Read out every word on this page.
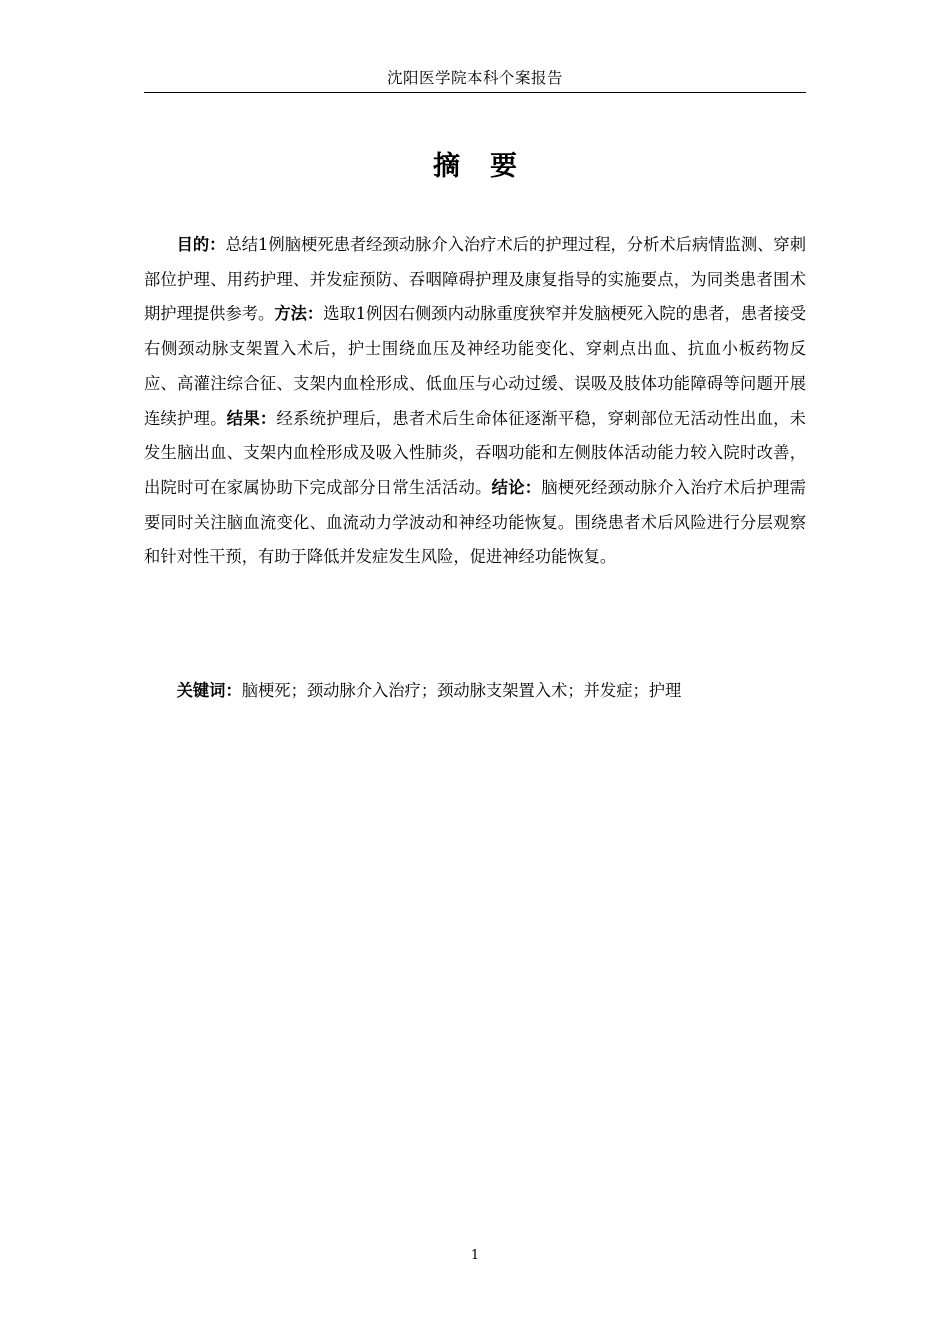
沈阳医学院本科个案报告
摘 要

目的：总结1例脑梗死患者经颈动脉介入治疗术后的护理过程，分析术后病情监测、穿刺部位护理、用药护理、并发症预防、吞咽障碍护理及康复指导的实施要点，为同类患者围术期护理提供参考。方法：选取1例因右侧颈内动脉重度狭窄并发脑梗死入院的患者，患者接受右侧颈动脉支架置入术后，护士围绕血压及神经功能变化、穿刺点出血、抗血小板药物反应、高灌注综合征、支架内血栓形成、低血压与心动过缓、误吸及肢体功能障碍等问题开展连续护理。结果：经系统护理后，患者术后生命体征逐渐平稳，穿刺部位无活动性出血，未发生脑出血、支架内血栓形成及吸入性肺炎，吞咽功能和左侧肢体活动能力较入院时改善，出院时可在家属协助下完成部分日常生活活动。结论：脑梗死经颈动脉介入治疗术后护理需要同时关注脑血流变化、血流动力学波动和神经功能恢复。围绕患者术后风险进行分层观察和针对性干预，有助于降低并发症发生风险，促进神经功能恢复。

关键词：脑梗死；颈动脉介入治疗；颈动脉支架置入术；并发症；护理

1
